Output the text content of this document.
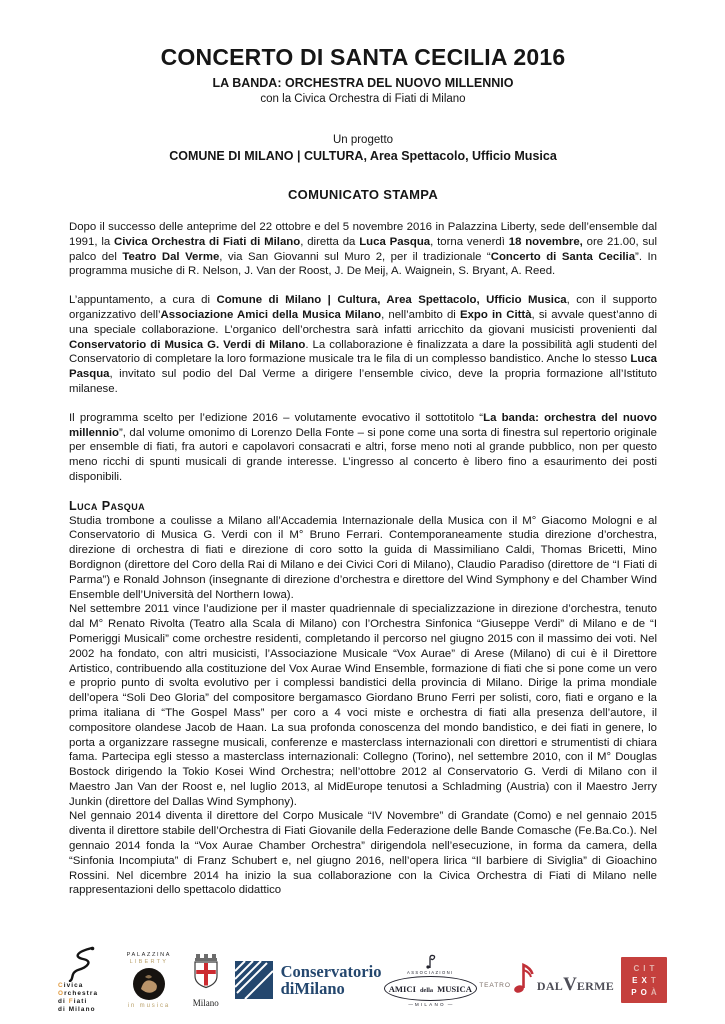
CONCERTO DI SANTA CECILIA 2016
LA BANDA: ORCHESTRA DEL NUOVO MILLENNIO
con la Civica Orchestra di Fiati di Milano
Un progetto
COMUNE DI MILANO | CULTURA, Area Spettacolo, Ufficio Musica
COMUNICATO STAMPA

Dopo il successo delle anteprime del 22 ottobre e del 5 novembre 2016 in Palazzina Liberty, sede dell’ensemble dal 1991, la Civica Orchestra di Fiati di Milano, diretta da Luca Pasqua, torna venerdì 18 novembre, ore 21.00, sul palco del Teatro Dal Verme, via San Giovanni sul Muro 2, per il tradizionale “Concerto di Santa Cecilia”. In programma musiche di R. Nelson, J. Van der Roost, J. De Meij, A. Waignein, S. Bryant, A. Reed.

L’appuntamento, a cura di Comune di Milano | Cultura, Area Spettacolo, Ufficio Musica, con il supporto organizzativo dell’Associazione Amici della Musica Milano, nell’ambito di Expo in Città, si avvale quest’anno di una speciale collaborazione. L’organico dell’orchestra sarà infatti arricchito da giovani musicisti provenienti dal Conservatorio di Musica G. Verdi di Milano. La collaborazione è finalizzata a dare la possibilità agli studenti del Conservatorio di completare la loro formazione musicale tra le fila di un complesso bandistico. Anche lo stesso Luca Pasqua, invitato sul podio del Dal Verme a dirigere l’ensemble civico, deve la propria formazione all’Istituto milanese.

Il programma scelto per l’edizione 2016 – volutamente evocativo il sottotitolo “La banda: orchestra del nuovo millennio”, dal volume omonimo di Lorenzo Della Fonte – si pone come una sorta di finestra sul repertorio originale per ensemble di fiati, fra autori e capolavori consacrati e altri, forse meno noti al grande pubblico, non per questo meno ricchi di spunti musicali di grande interesse. L’ingresso al concerto è libero fino a esaurimento dei posti disponibili.

Luca Pasqua

Studia trombone a coulisse a Milano all’Accademia Internazionale della Musica con il M° Giacomo Mologni e al Conservatorio di Musica G. Verdi con il M° Bruno Ferrari. Contemporaneamente studia direzione d’orchestra, direzione di orchestra di fiati e direzione di coro sotto la guida di Massimiliano Caldi, Thomas Bricetti, Mino Bordignon (direttore del Coro della Rai di Milano e dei Civici Cori di Milano), Claudio Paradiso (direttore de “I Fiati di Parma”) e Ronald Johnson (insegnante di direzione d’orchestra e direttore del Wind Symphony e del Chamber Wind Ensemble dell’Università del Northern Iowa).

Nel settembre 2011 vince l’audizione per il master quadriennale di specializzazione in direzione d’orchestra, tenuto dal M° Renato Rivolta (Teatro alla Scala di Milano) con l’Orchestra Sinfonica “Giuseppe Verdi” di Milano e de “I Pomeriggi Musicali” come orchestre residenti, completando il percorso nel giugno 2015 con il massimo dei voti. Nel 2002 ha fondato, con altri musicisti, l’Associazione Musicale “Vox Aurae” di Arese (Milano) di cui è il Direttore Artistico, contribuendo alla costituzione del Vox Aurae Wind Ensemble, formazione di fiati che si pone come un vero e proprio punto di svolta evolutivo per i complessi bandistici della provincia di Milano. Dirige la prima mondiale dell’opera “Soli Deo Gloria” del compositore bergamasco Giordano Bruno Ferri per solisti, coro, fiati e organo e la prima italiana di “The Gospel Mass” per coro a 4 voci miste e orchestra di fiati alla presenza dell’autore, il compositore olandese Jacob de Haan. La sua profonda conoscenza del mondo bandistico, e dei fiati in genere, lo porta a organizzare rassegne musicali, conferenze e masterclass internazionali con direttori e strumentisti di chiara fama. Partecipa egli stesso a masterclass internazionali: Collegno (Torino), nel settembre 2010, con il M° Douglas Bostock dirigendo la Tokio Kosei Wind Orchestra; nell’ottobre 2012 al Conservatorio G. Verdi di Milano con il Maestro Jan Van der Roost e, nel luglio 2013, al MidEurope tenutosi a Schladming (Austria) con il Maestro Jerry Junkin (direttore del Dallas Wind Symphony).

Nel gennaio 2014 diventa il direttore del Corpo Musicale “IV Novembre” di Grandate (Como) e nel gennaio 2015 diventa il direttore stabile dell’Orchestra di Fiati Giovanile della Federazione delle Bande Comasche (Fe.Ba.Co.). Nel gennaio 2014 fonda la “Vox Aurae Chamber Orchestra” dirigendola nell’esecuzione, in forma da camera, della “Sinfonia Incompiuta” di Franz Schubert e, nel giugno 2016, nell’opera lirica “Il barbiere di Siviglia” di Gioachino Rossini. Nel dicembre 2014 ha inizio la sua collaborazione con la Civica Orchestra di Fiati di Milano nelle rappresentazioni dello spettacolo didattico

Civica
Orchestra
di Fiati
di Milano
PALAZZINA
LIBERTY
in musica	Milano
Conservatorio
diMilano
ASSOCIAZIONI
AMICI della MUSICA
— MILANO —
TEATRO DALVERME
CIT
EXT
POÀ
